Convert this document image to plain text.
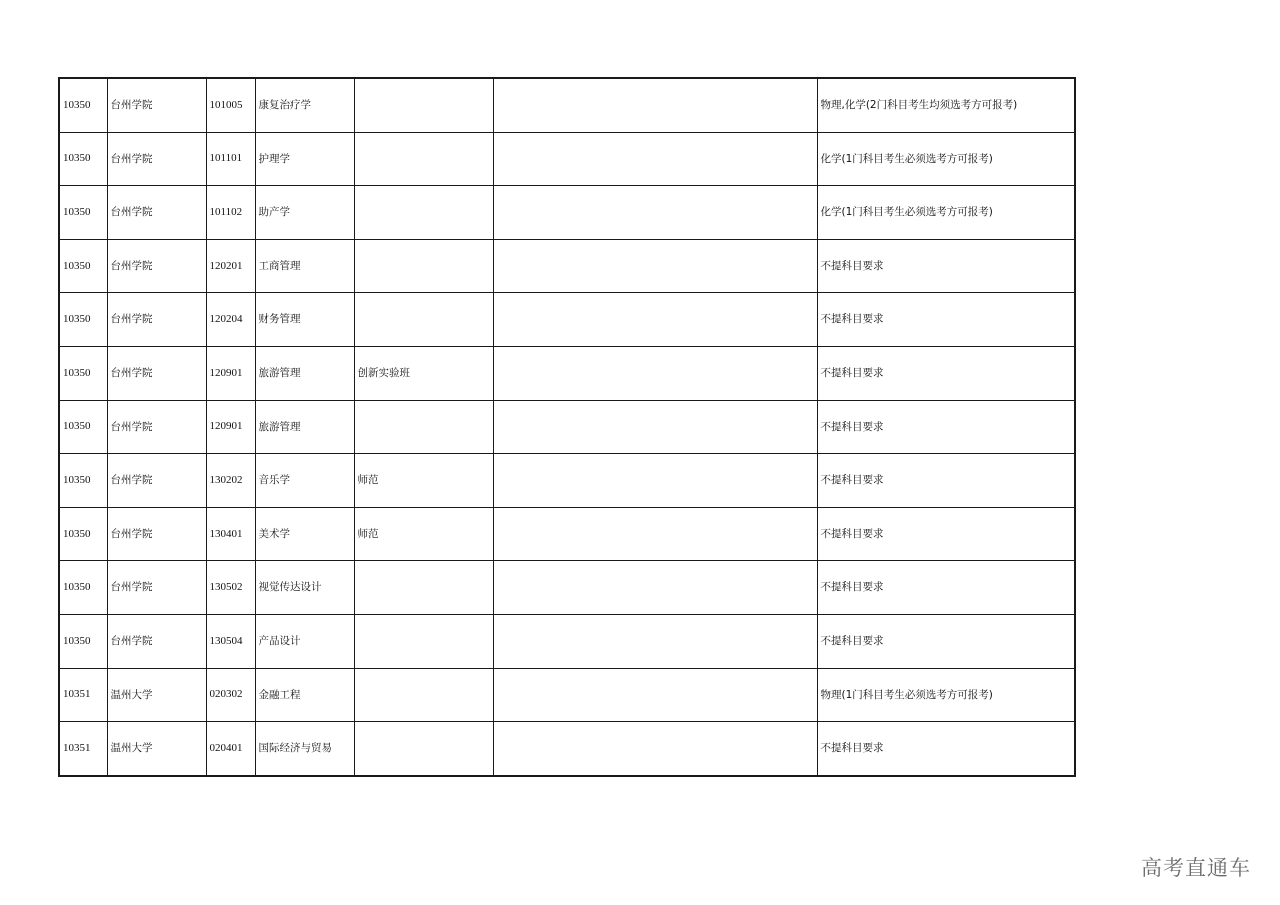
10350	台州学院	101005	康复治疗学			物理,化学(2门科目考生均须选考方可报考)
10350	台州学院	101101	护理学			化学(1门科目考生必须选考方可报考)
10350	台州学院	101102	助产学			化学(1门科目考生必须选考方可报考)
10350	台州学院	120201	工商管理			不提科目要求
10350	台州学院	120204	财务管理			不提科目要求
10350	台州学院	120901	旅游管理	创新实验班		不提科目要求
10350	台州学院	120901	旅游管理			不提科目要求
10350	台州学院	130202	音乐学	师范		不提科目要求
10350	台州学院	130401	美术学	师范		不提科目要求
10350	台州学院	130502	视觉传达设计			不提科目要求
10350	台州学院	130504	产品设计			不提科目要求
10351	温州大学	020302	金融工程			物理(1门科目考生必须选考方可报考)
10351	温州大学	020401	国际经济与贸易			不提科目要求
高考直通车
